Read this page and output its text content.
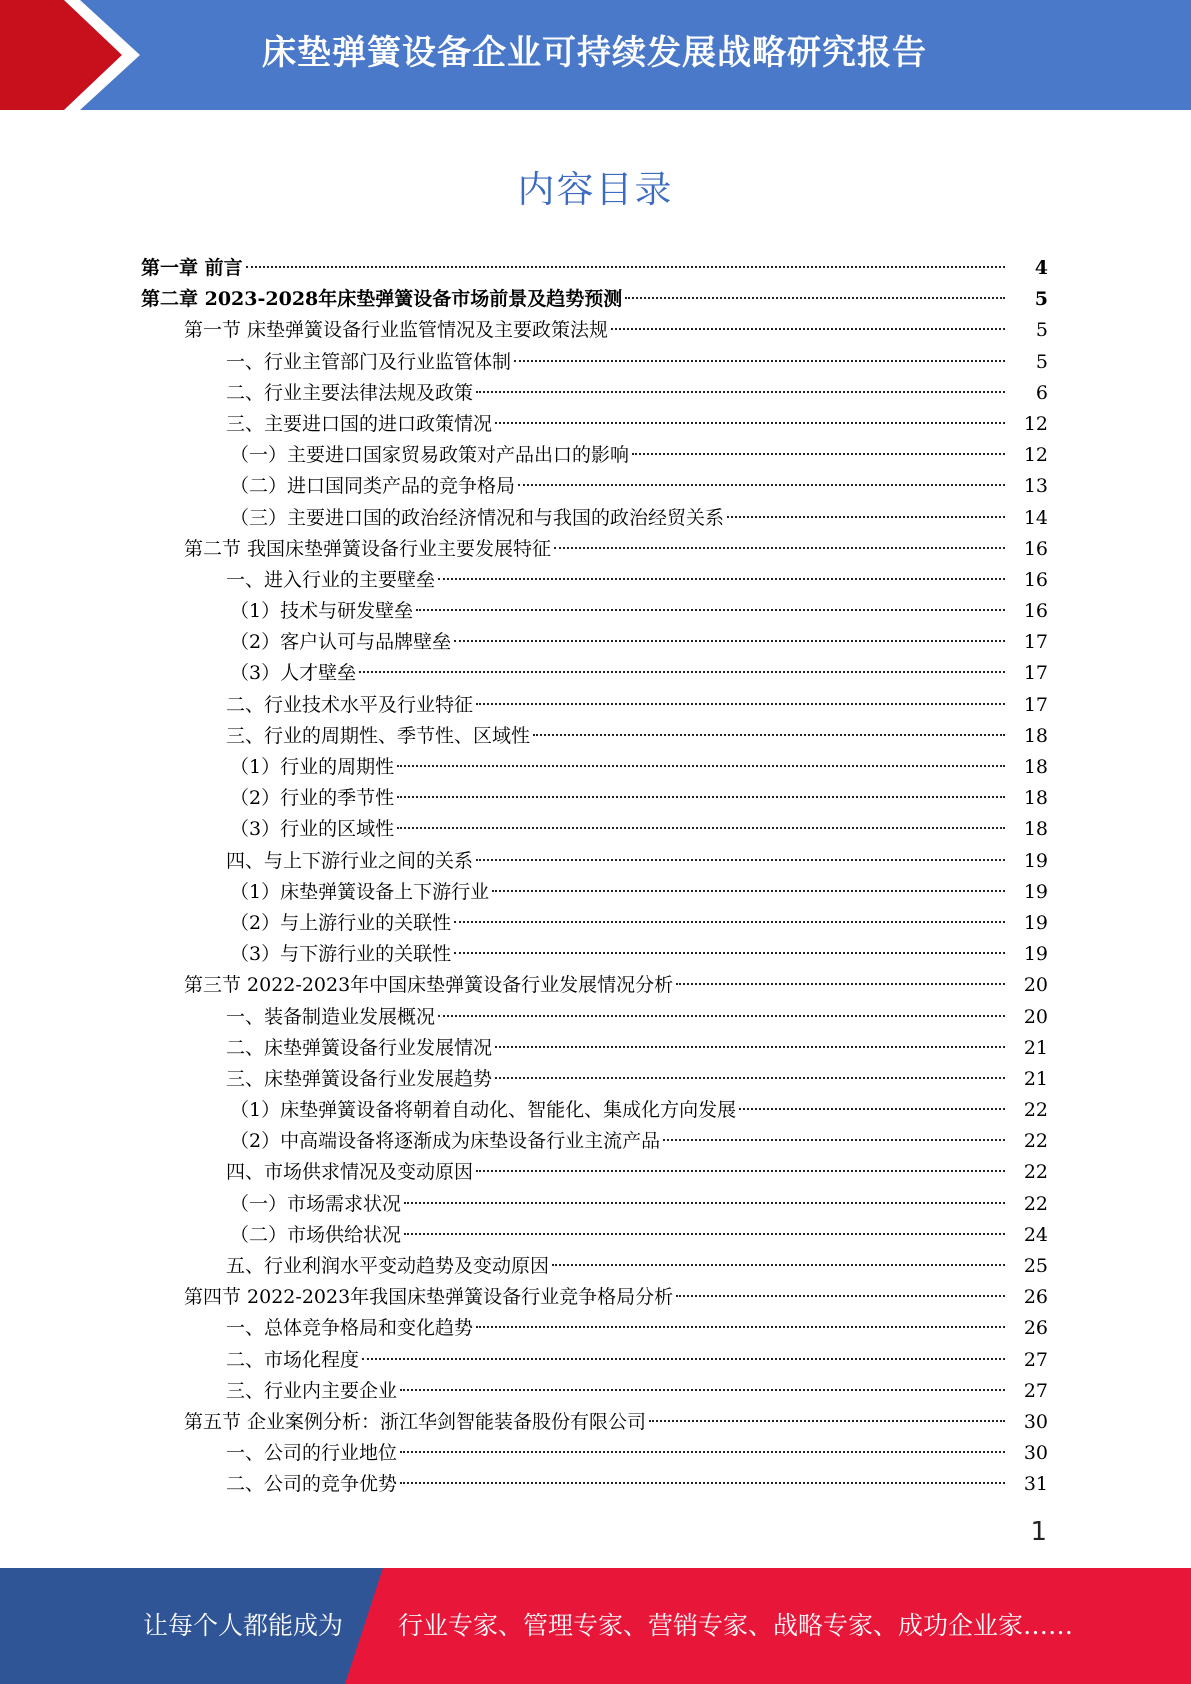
床垫弹簧设备企业可持续发展战略研究报告
内容目录
第一章 前言	4
第二章 2023-2028年床垫弹簧设备市场前景及趋势预测	5
第一节 床垫弹簧设备行业监管情况及主要政策法规	5
一、行业主管部门及行业监管体制	5
二、行业主要法律法规及政策	6
三、主要进口国的进口政策情况	12
（一）主要进口国家贸易政策对产品出口的影响	12
（二）进口国同类产品的竞争格局	13
（三）主要进口国的政治经济情况和与我国的政治经贸关系	14
第二节 我国床垫弹簧设备行业主要发展特征	16
一、进入行业的主要壁垒	16
（1）技术与研发壁垒	16
（2）客户认可与品牌壁垒	17
（3）人才壁垒	17
二、行业技术水平及行业特征	17
三、行业的周期性、季节性、区域性	18
（1）行业的周期性	18
（2）行业的季节性	18
（3）行业的区域性	18
四、与上下游行业之间的关系	19
（1）床垫弹簧设备上下游行业	19
（2）与上游行业的关联性	19
（3）与下游行业的关联性	19
第三节 2022-2023年中国床垫弹簧设备行业发展情况分析	20
一、装备制造业发展概况	20
二、床垫弹簧设备行业发展情况	21
三、床垫弹簧设备行业发展趋势	21
（1）床垫弹簧设备将朝着自动化、智能化、集成化方向发展	22
（2）中高端设备将逐渐成为床垫设备行业主流产品	22
四、市场供求情况及变动原因	22
（一）市场需求状况	22
（二）市场供给状况	24
五、行业利润水平变动趋势及变动原因	25
第四节 2022-2023年我国床垫弹簧设备行业竞争格局分析	26
一、总体竞争格局和变化趋势	26
二、市场化程度	27
三、行业内主要企业	27
第五节 企业案例分析：浙江华剑智能装备股份有限公司	30
一、公司的行业地位	30
二、公司的竞争优势	31
1
让每个人都能成为 行业专家、管理专家、营销专家、战略专家、成功企业家……
